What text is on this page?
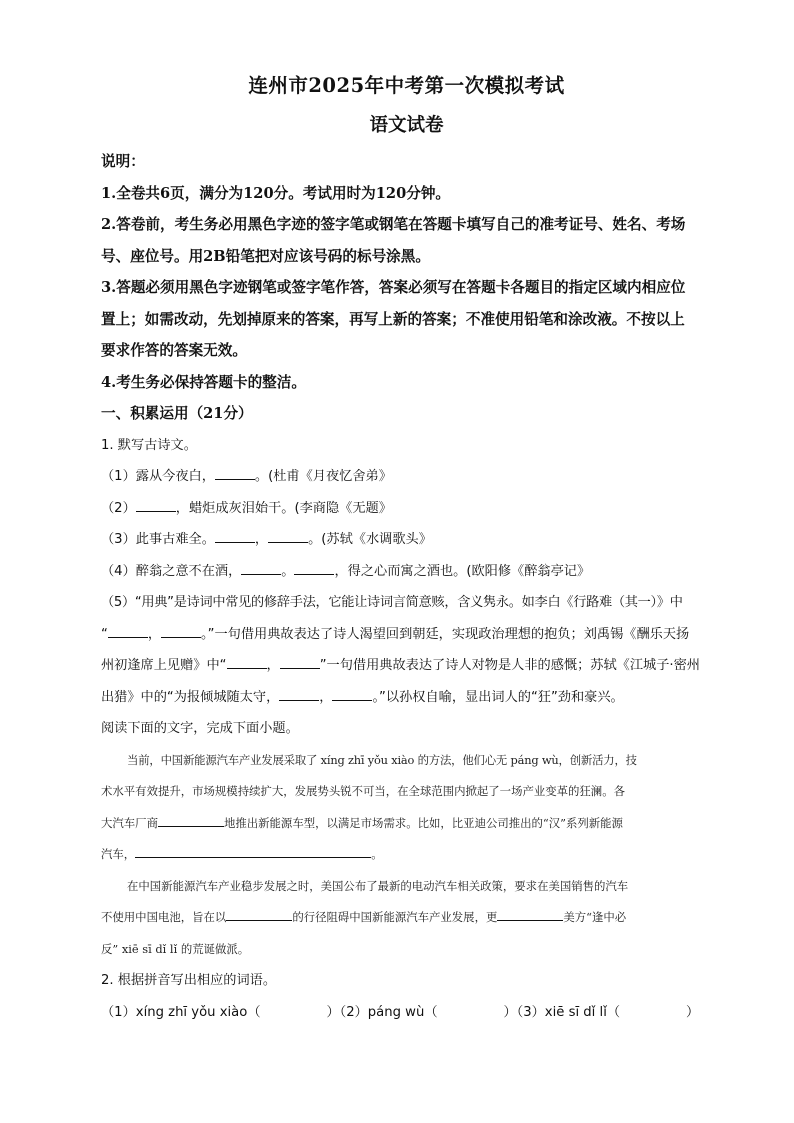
连州市2025年中考第一次模拟考试
语文试卷
说明：
1.全卷共6页，满分为120分。考试用时为120分钟。
2.答卷前，考生务必用黑色字迹的签字笔或钢笔在答题卡填写自己的准考证号、姓名、考场
号、座位号。用2B铅笔把对应该号码的标号涂黑。
3.答题必须用黑色字迹钢笔或签字笔作答，答案必须写在答题卡各题目的指定区域内相应位
置上；如需改动，先划掉原来的答案，再写上新的答案；不准使用铅笔和涂改液。不按以上
要求作答的答案无效。
4.考生务必保持答题卡的整洁。
一、积累运用（21分）
1. 默写古诗文。
（1）露从今夜白，	。(杜甫《月夜忆舍弟》
（2）	，蜡炬成灰泪始干。(李商隐《无题》
（3）此事古难全。	，	。(苏轼《水调歌头》
（4）醉翁之意不在酒，	。	，得之心而寓之酒也。(欧阳修《醉翁亭记》
（5）“用典”是诗词中常见的修辞手法，它能让诗词言简意赅，含义隽永。如李白《行路难（其一）》中
“	，	。”一句借用典故表达了诗人渴望回到朝廷，实现政治理想的抱负；刘禹锡《酬乐天扬
州初逢席上见赠》中“	，	”一句借用典故表达了诗人对物是人非的感慨；苏轼《江城子·密州
出猎》中的“为报倾城随太守，	，	。”以孙权自喻，显出词人的“狂”劲和豪兴。
阅读下面的文字，完成下面小题。
当前，中国新能源汽车产业发展采取了 xíng zhī yǒu xiào 的方法，他们心无 páng wù，创新活力，技
术水平有效提升，市场规模持续扩大，发展势头锐不可当，在全球范围内掀起了一场产业变革的狂澜。各
大汽车厂商	地推出新能源车型，以满足市场需求。比如，比亚迪公司推出的“汉”系列新能源
汽车，	。
在中国新能源汽车产业稳步发展之时，美国公布了最新的电动汽车相关政策，要求在美国销售的汽车
不使用中国电池，旨在以	的行径阻碍中国新能源汽车产业发展，更	美方“逢中必
反” xiē sī dǐ lǐ 的荒诞做派。
2. 根据拼音写出相应的词语。
（1）xíng zhī yǒu xiào（　　　　　）（2）páng wù（　　　　　）（3）xiē sī dǐ lǐ（　　　　　）
